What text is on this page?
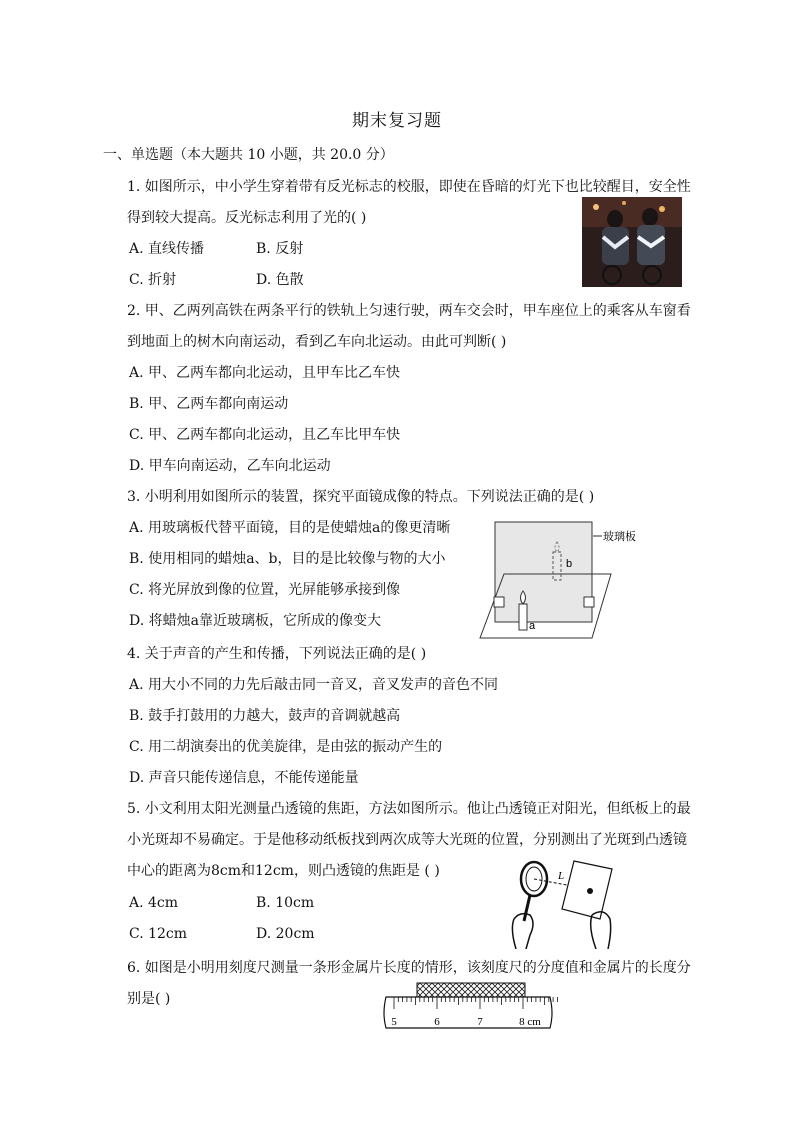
期末复习题
一、单选题（本大题共 10 小题，共 20.0 分）
1. 如图所示，中小学生穿着带有反光标志的校服，即使在昏暗的灯光下也比较醒目，安全性
得到较大提高。反光标志利用了光的( )
A. 直线传播	B. 反射
C. 折射	D. 色散
2. 甲、乙两列高铁在两条平行的铁轨上匀速行驶，两车交会时，甲车座位上的乘客从车窗看
到地面上的树木向南运动，看到乙车向北运动。由此可判断( )
A. 甲、乙两车都向北运动，且甲车比乙车快
B. 甲、乙两车都向南运动
C. 甲、乙两车都向北运动，且乙车比甲车快
D. 甲车向南运动，乙车向北运动
3. 小明利用如图所示的装置，探究平面镜成像的特点。下列说法正确的是( )
A. 用玻璃板代替平面镜，目的是使蜡烛a的像更清晰
B. 使用相同的蜡烛a、b，目的是比较像与物的大小
C. 将光屏放到像的位置，光屏能够承接到像
D. 将蜡烛a靠近玻璃板，它所成的像变大
玻璃板
b
a
4. 关于声音的产生和传播，下列说法正确的是( )
A. 用大小不同的力先后敲击同一音叉，音叉发声的音色不同
B. 鼓手打鼓用的力越大，鼓声的音调就越高
C. 用二胡演奏出的优美旋律，是由弦的振动产生的
D. 声音只能传递信息，不能传递能量
5. 小文利用太阳光测量凸透镜的焦距，方法如图所示。他让凸透镜正对阳光，但纸板上的最
小光斑却不易确定。于是他移动纸板找到两次成等大光斑的位置，分别测出了光斑到凸透镜
中心的距离为8cm和12cm，则凸透镜的焦距是 ( )
A. 4cm	B. 10cm
C. 12cm	D. 20cm
L
6. 如图是小明用刻度尺测量一条形金属片长度的情形，该刻度尺的分度值和金属片的长度分
别是( )
5	6	7	8 cm
